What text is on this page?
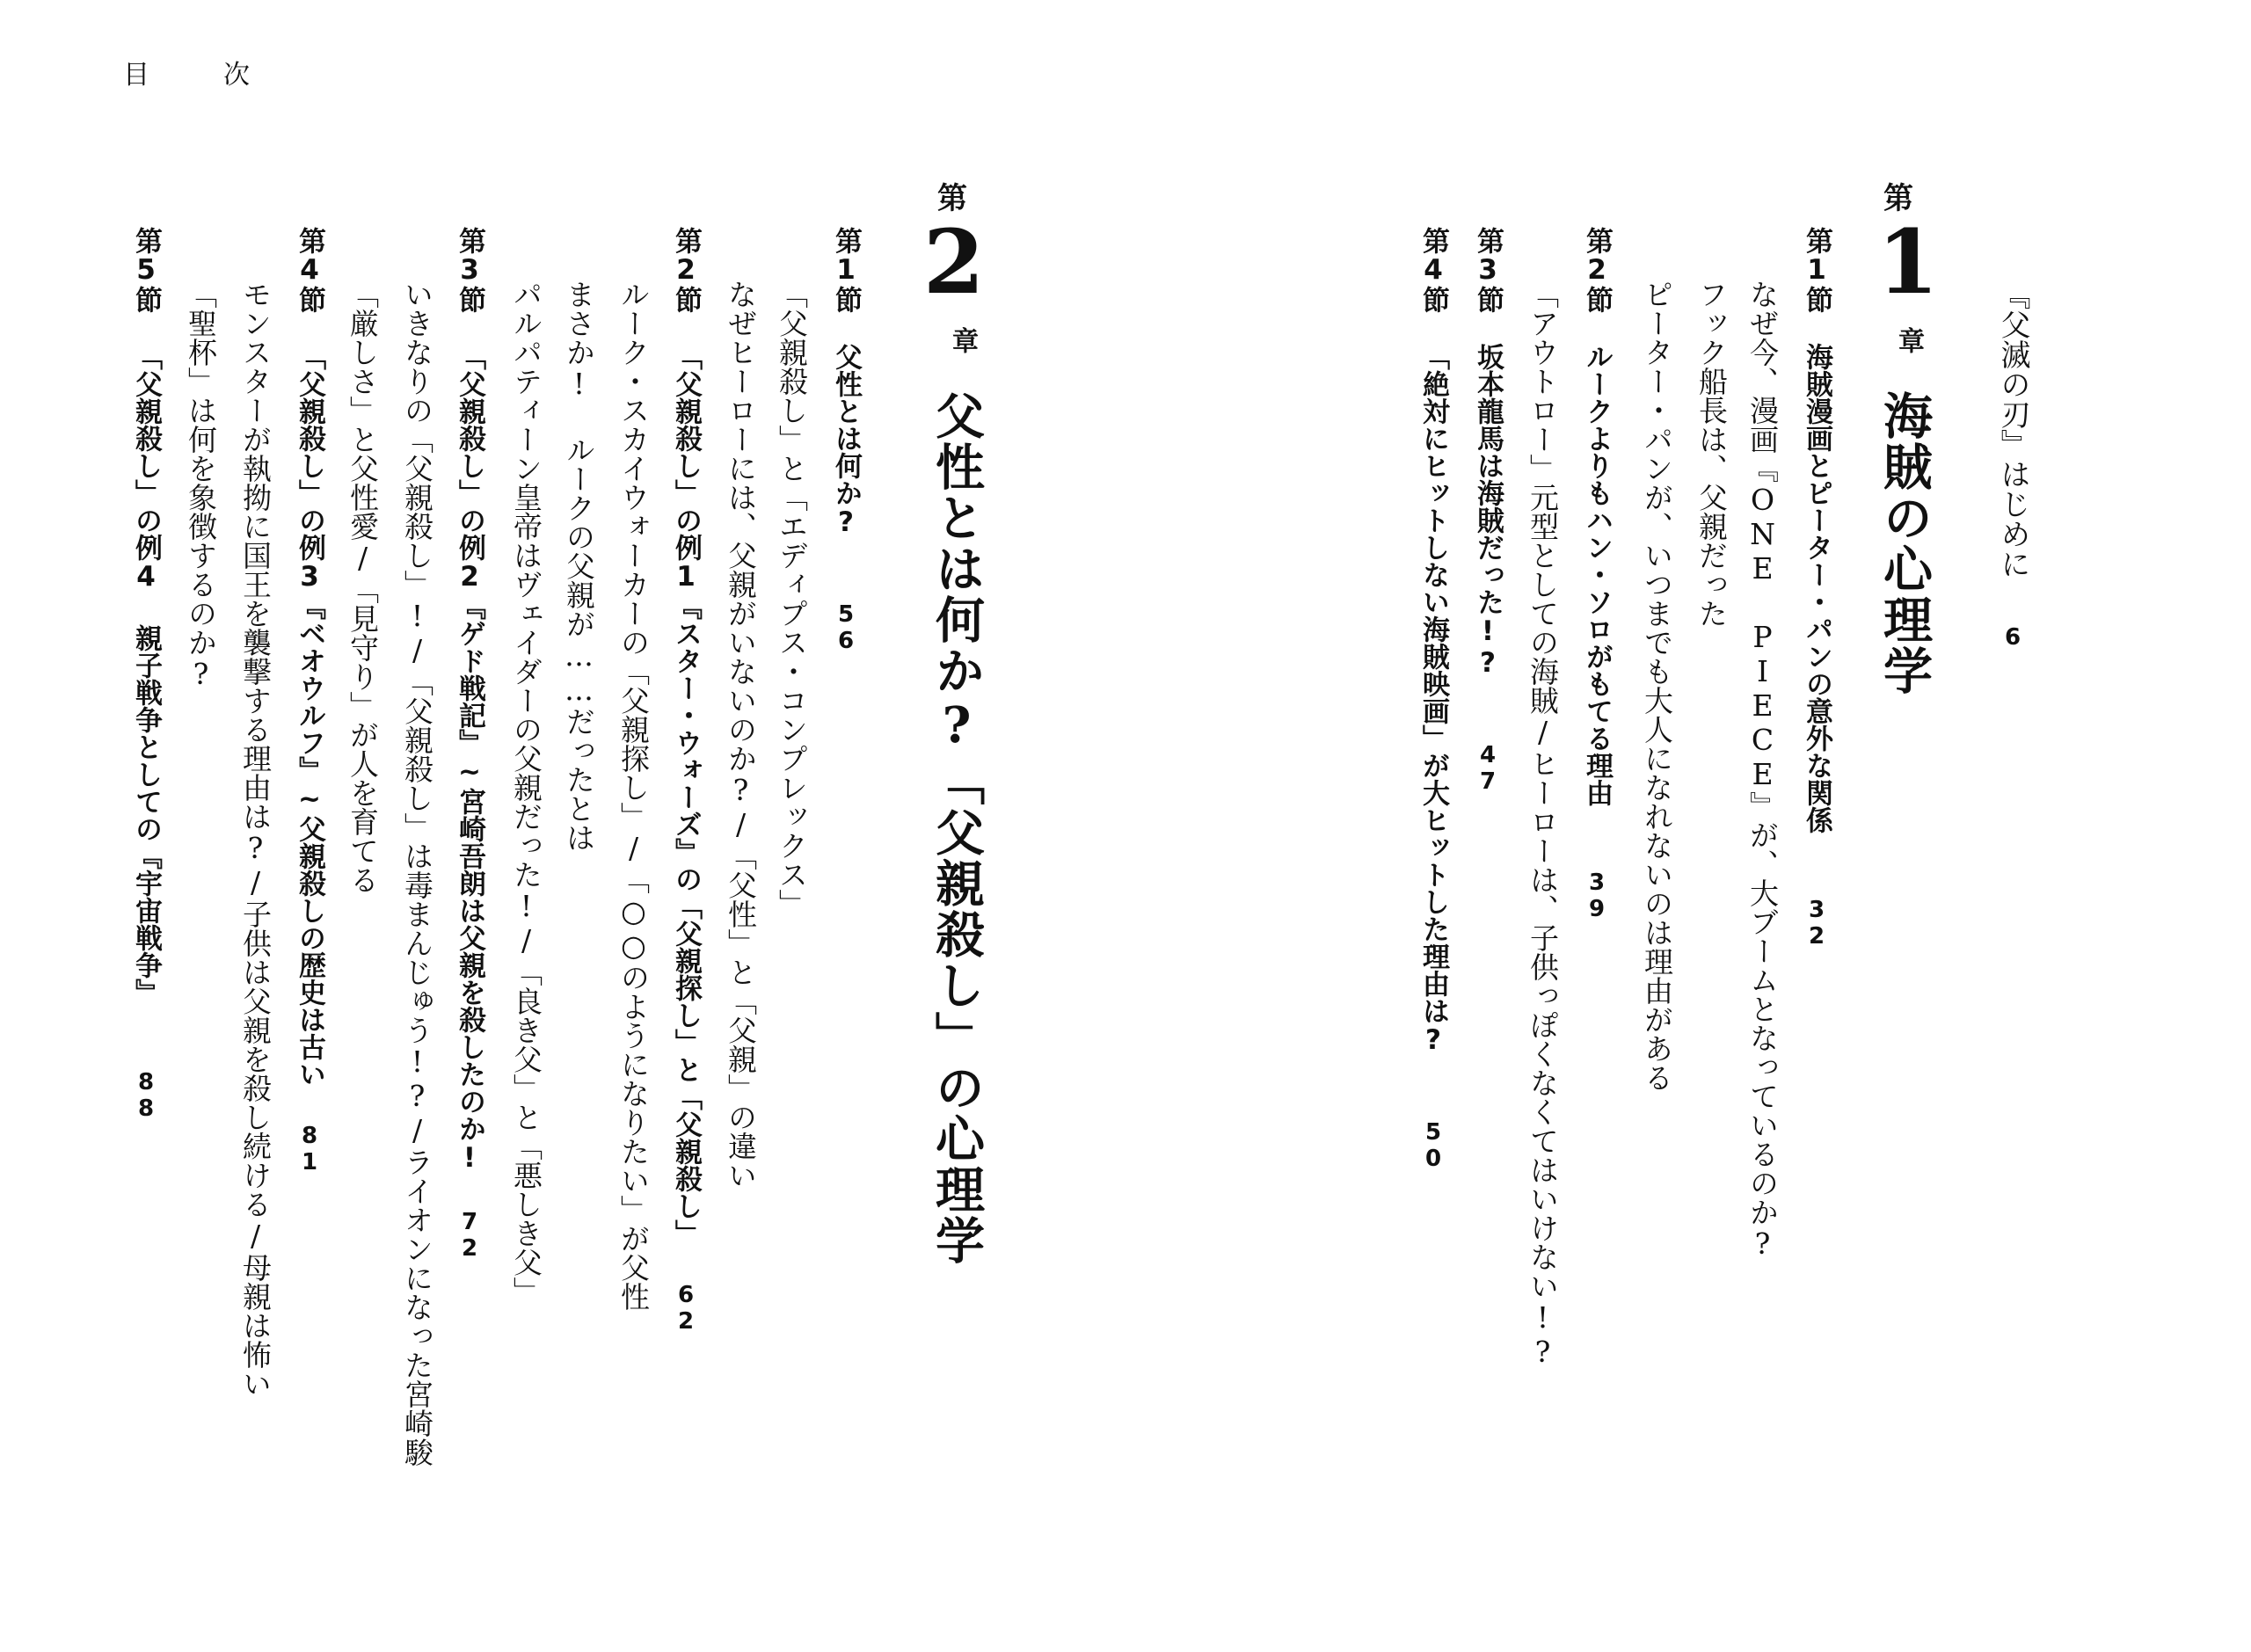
目次
『父滅の刃』はじめに6
第
1
章
海賊の心理学
第1節海賊漫画とピーター・パンの意外な関係32
なぜ今、漫画『ONE PIECE』が、大ブームとなっているのか?
フック船長は、父親だった
ピーター・パンが、いつまでも大人になれないのは理由がある
第2節ルークよりもハン・ソロがもてる理由39
「アウトロー」元型としての海賊/ヒーローは、子供っぽくなくてはいけない!?
第3節坂本龍馬は海賊だった!?47
第4節「絶対にヒットしない海賊映画」が大ヒットした理由は?50
第
2
章
父性とは何か?「父親殺し」の心理学
第1節父性とは何か?56
「父親殺し」と「エディプス・コンプレックス」
なぜヒーローには、父親がいないのか?/「父性」と「父親」の違い
第2節「父親殺し」の例1『スター・ウォーズ』の「父親探し」と「父親殺し」62
ルーク・スカイウォーカーの「父親探し」/「○○のようになりたい」が父性
まさか! ルークの父親が……だったとは
パルパティーン皇帝はヴェイダーの父親だった!/「良き父」と「悪しき父」
第3節「父親殺し」の例2『ゲド戦記』~宮崎吾朗は父親を殺したのか!72
いきなりの「父親殺し」!/「父親殺し」は毒まんじゅう!?/ライオンになった宮崎駿
「厳しさ」と父性愛/「見守り」が人を育てる
第4節「父親殺し」の例3『ベオウルフ』~父親殺しの歴史は古い81
モンスターが執拗に国王を襲撃する理由は?/子供は父親を殺し続ける/母親は怖い
「聖杯」は何を象徴するのか?
第5節「父親殺し」の例4 親子戦争としての『宇宙戦争』88
